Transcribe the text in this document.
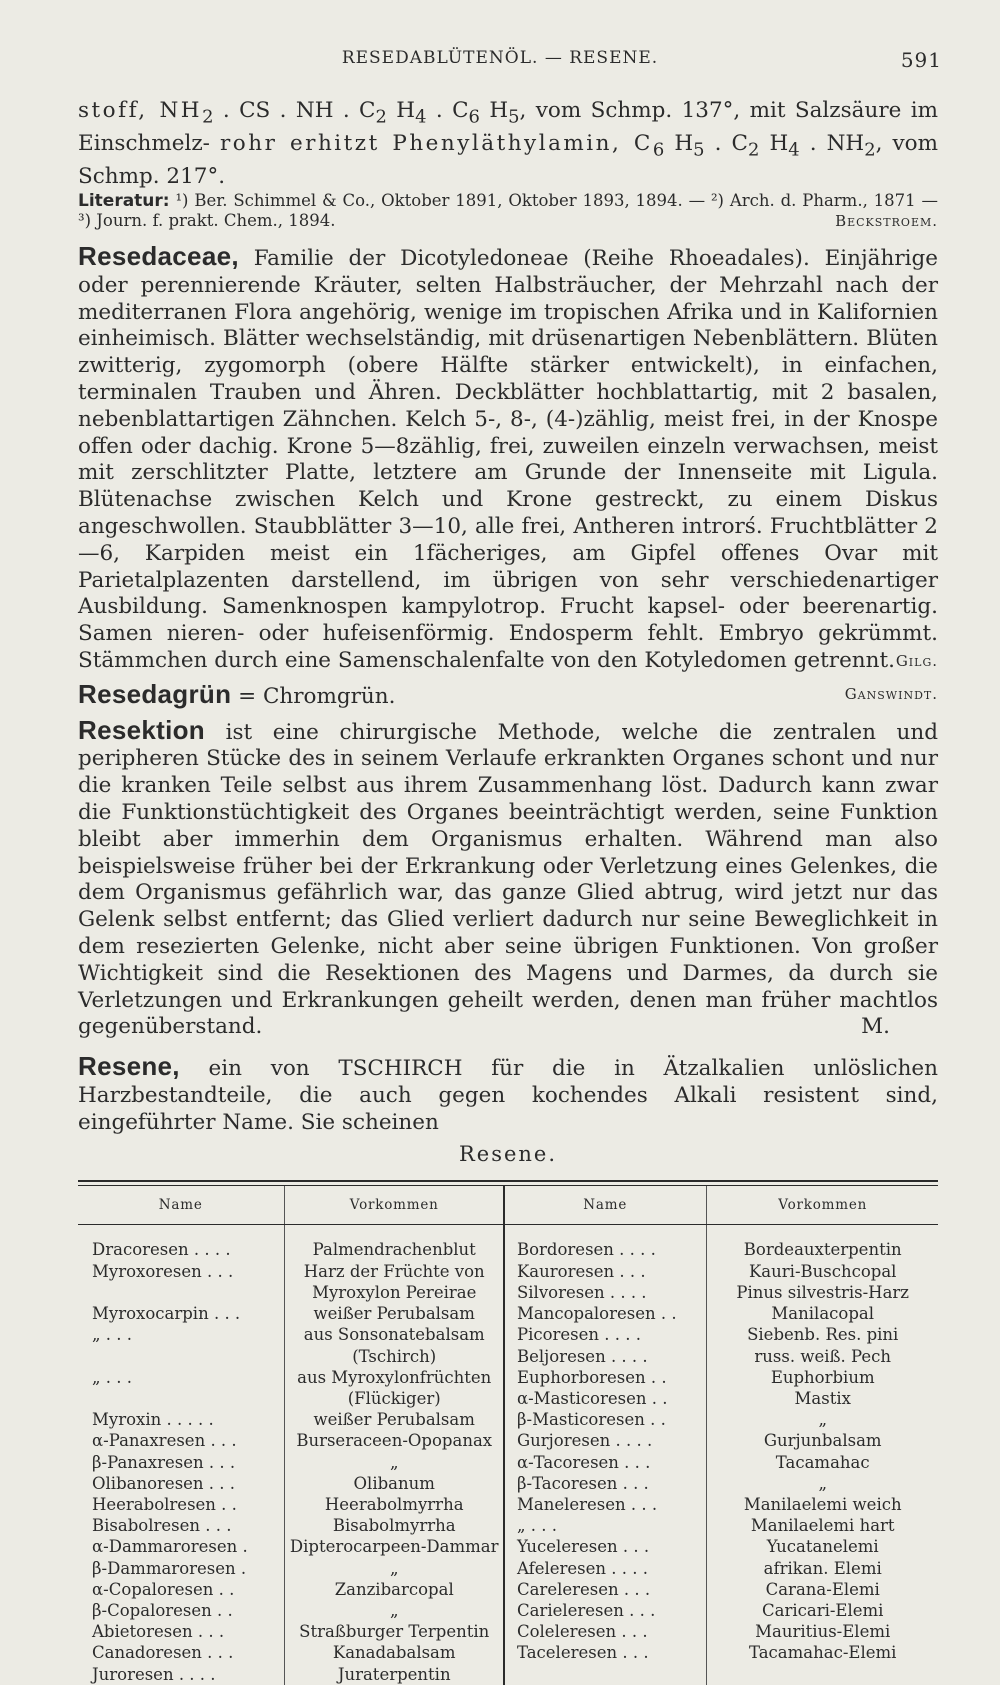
RESEDABLÜTENÖL. — RESENE.	591

stoff, $NH_2$ . CS . NH . $C_2$ $H_4$ . $C_6$ $H_5$, vom Schmp. 137°, mit Salzsäure im Einschmelz- rohr erhitzt Phenyläthylamin, $C_6$ $H_5$ . $C_2$ $H_4$ . $NH_2$, vom Schmp. 217°.

Literatur: ¹) Ber. Schimmel & Co., Oktober 1891, Oktober 1893, 1894. — ²) Arch. d. Pharm., 1871 — ³) Journ. f. prakt. Chem., 1894.	Beckstroem.

Resedaceae, Familie der Dicotyledoneae (Reihe Rhoeadales). Einjährige oder perennierende Kräuter, selten Halbsträucher, der Mehrzahl nach der mediterranen Flora angehörig, wenige im tropischen Afrika und in Kalifornien einheimisch. Blätter wechselständig, mit drüsenartigen Nebenblättern. Blüten zwitterig, zygomorph (obere Hälfte stärker entwickelt), in einfachen, terminalen Trauben und Ähren. Deckblätter hochblattartig, mit 2 basalen, nebenblattartigen Zähnchen. Kelch 5-, 8-, (4-)zählig, meist frei, in der Knospe offen oder dachig. Krone 5—8zählig, frei, zuweilen einzeln verwachsen, meist mit zerschlitzter Platte, letztere am Grunde der Innenseite mit Ligula. Blütenachse zwischen Kelch und Krone gestreckt, zu einem Diskus angeschwollen. Staubblätter 3—10, alle frei, Antheren introrś. Fruchtblätter 2—6, Karpiden meist ein 1fächeriges, am Gipfel offenes Ovar mit Parietalplazenten darstellend, im übrigen von sehr verschiedenartiger Ausbildung. Samenknospen kampylotrop. Frucht kapsel- oder beerenartig. Samen nieren- oder hufeisenförmig. Endosperm fehlt. Embryo gekrümmt. Stämmchen durch eine Samenschalenfalte von den Kotyledomen getrennt. Gilg.

Resedagrün = Chromgrün.	Ganswindt.

Resektion ist eine chirurgische Methode, welche die zentralen und peripheren Stücke des in seinem Verlaufe erkrankten Organes schont und nur die kranken Teile selbst aus ihrem Zusammenhang löst. Dadurch kann zwar die Funktionstüchtigkeit des Organes beeinträchtigt werden, seine Funktion bleibt aber immerhin dem Organismus erhalten. Während man also beispielsweise früher bei der Erkrankung oder Verletzung eines Gelenkes, die dem Organismus gefährlich war, das ganze Glied abtrug, wird jetzt nur das Gelenk selbst entfernt; das Glied verliert dadurch nur seine Beweglichkeit in dem resezierten Gelenke, nicht aber seine übrigen Funktionen. Von großer Wichtigkeit sind die Resektionen des Magens und Darmes, da durch sie Verletzungen und Erkrankungen geheilt werden, denen man früher machtlos gegenüberstand.	M.

Resene, ein von TSCHIRCH für die in Ätzalkalien unlöslichen Harzbestandteile, die auch gegen kochendes Alkali resistent sind, eingeführter Name. Sie scheinen

Resene.
Name	Vorkommen	Name	Vorkommen

Dracoresen . . . .	Palmendrachenblut	Bordoresen . . . .	Bordeauxterpentin
Myroxoresen . . .	Harz der Früchte von	Kauroresen . . .	Kauri-Buschcopal
	Myroxylon Pereirae	Silvoresen . . . .	Pinus silvestris-Harz
Myroxocarpin . . .	weißer Perubalsam	Mancopaloresen . .	Manilacopal
„ . . .	aus Sonsonatebalsam	Picoresen . . . .	Siebenb. Res. pini
	(Tschirch)	Beljoresen . . . .	russ. weiß. Pech
„ . . .	aus Myroxylonfrüchten	Euphorboresen . .	Euphorbium
	(Flückiger)	α-Masticoresen . .	Mastix
Myroxin . . . . .	weißer Perubalsam	β-Masticoresen . .	„
α-Panaxresen . . .	Burseraceen-Opopanax	Gurjoresen . . . .	Gurjunbalsam
β-Panaxresen . . .	„	α-Tacoresen . . .	Tacamahac
Olibanoresen . . .	Olibanum	β-Tacoresen . . .	„
Heerabolresen . .	Heerabolmyrrha	Maneleresen . . .	Manilaelemi weich
Bisabolresen . . .	Bisabolmyrrha	„ . . .	Manilaelemi hart
α-Dammaroresen .	Dipterocarpeen-Dammar	Yuceleresen . . .	Yucatanelemi
β-Dammaroresen .	„	Afeleresen . . . .	afrikan. Elemi
α-Copaloresen . .	Zanzibarcopal	Careleresen . . .	Carana-Elemi
β-Copaloresen . .	„	Carieleresen . . .	Caricari-Elemi
Abietoresen . . .	Straßburger Terpentin	Coleleresen . . .	Mauritius-Elemi
Canadoresen . . .	Kanadabalsam	Taceleresen . . .	Tacamahac-Elemi
Juroresen . . . .	Juraterpentin		
